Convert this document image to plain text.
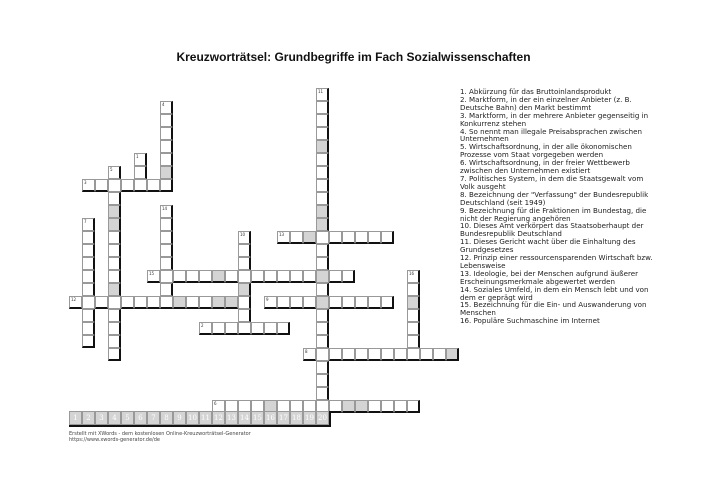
Kreuzworträtsel: Grundbegriffe im Fach Sozialwissenschaften
1
2
3
4
5
6
7
8
9
10
11
12
13
14
15	16
1. Abkürzung für das Bruttoinlandsprodukt
2. Marktform, in der ein einzelner Anbieter (z. B. Deutsche Bahn) den Markt bestimmt
3. Marktform, in der mehrere Anbieter gegenseitig in Konkurrenz stehen
4. So nennt man illegale Preisabsprachen zwischen Unternehmen
5. Wirtschaftsordnung, in der alle ökonomischen Prozesse vom Staat vorgegeben werden
6. Wirtschaftsordnung, in der freier Wettbewerb zwischen den Unternehmen existiert
7. Politisches System, in dem die Staatsgewalt vom Volk ausgeht
8. Bezeichnung der "Verfassung" der Bundesrepublik Deutschland (seit 1949)
9. Bezeichnung für die Fraktionen im Bundestag, die nicht der Regierung angehören
10. Dieses Amt verkörpert das Staatsoberhaupt der Bundesrepublik Deutschland
11. Dieses Gericht wacht über die Einhaltung des Grundgesetzes
12. Prinzip einer ressourcensparenden Wirtschaft bzw. Lebensweise
13. Ideologie, bei der Menschen aufgrund äußerer Erscheinungsmerkmale abgewertet werden
14. Soziales Umfeld, in dem ein Mensch lebt und von dem er geprägt wird
15. Bezeichnung für die Ein- und Auswanderung von Menschen
16. Populäre Suchmaschine im Internet
1	2	3	4	5	6	7	8	9 10 11 12 13 14 15 16 17 18 19 20
Erstellt mit XWords - dem kostenlosen Online-Kreuzworträtsel-Generator
https://www.xwords-generator.de/de
